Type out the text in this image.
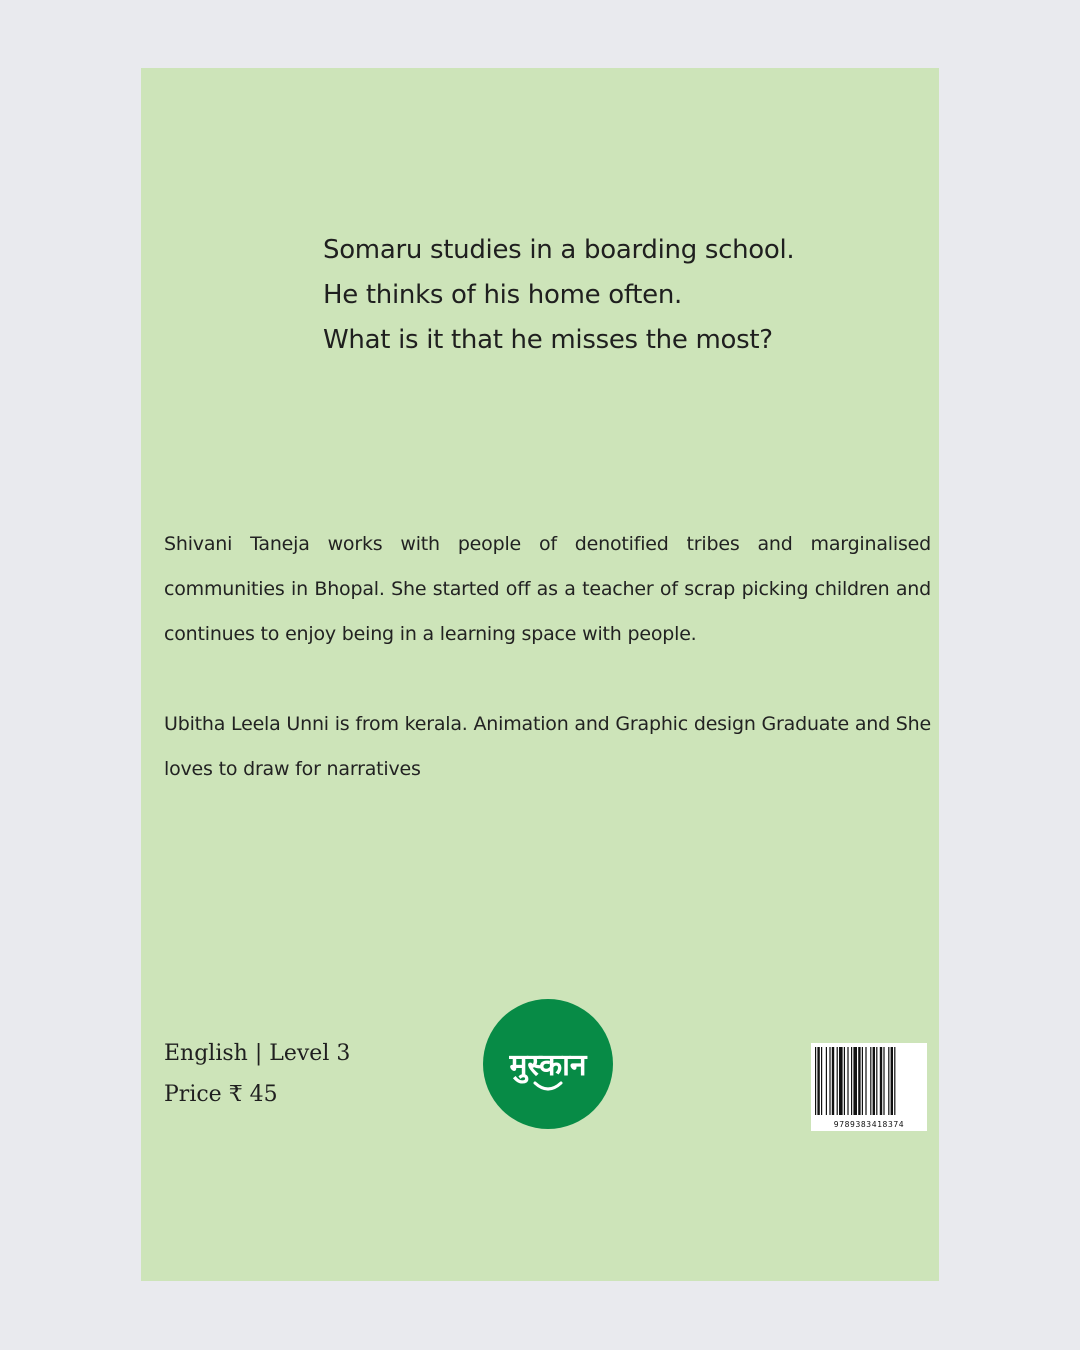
Somaru studies in a boarding school.
He thinks of his home often.
What is it that he misses the most?

Shivani Taneja works with people of denotified tribes and marginalised communities in Bhopal. She started off as a teacher of scrap picking children and continues to enjoy being in a learning space with people.

Ubitha Leela Unni is from kerala. Animation and Graphic design Graduate and She loves to draw for narratives

English | Level 3
Price ₹ 45
मुस्कान
9789383418374
